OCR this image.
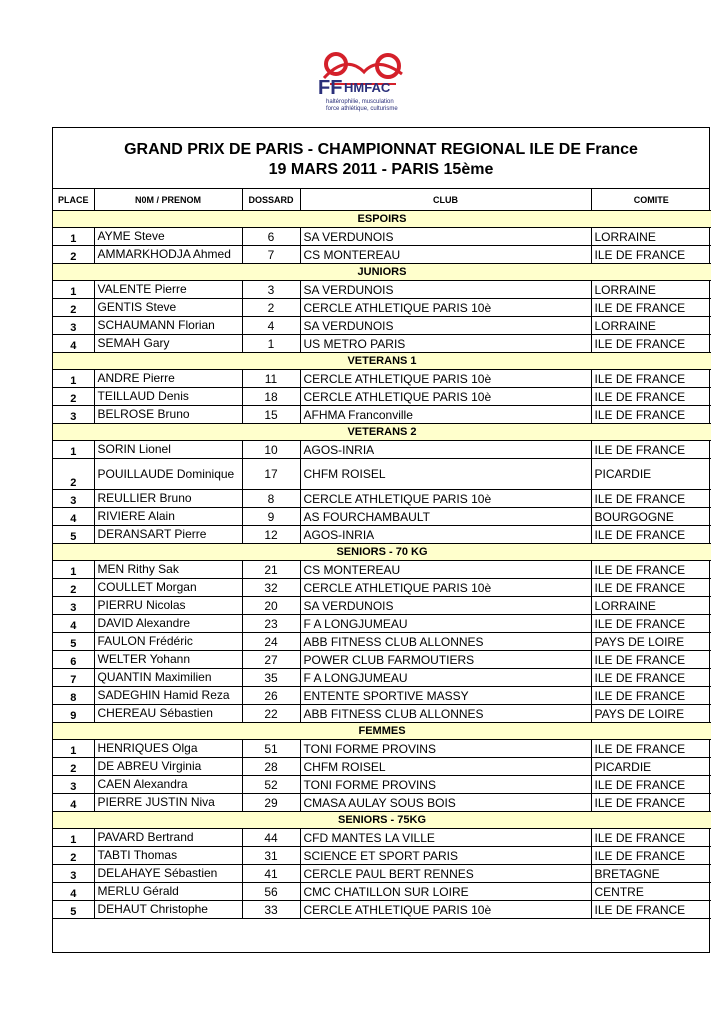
FF HMFAC
haltérophilie, musculation
force athlétique, culturisme
GRAND PRIX DE PARIS - CHAMPIONNAT REGIONAL ILE DE France
19 MARS 2011 - PARIS 15ème
PLACE	N0M / PRENOM	DOSSARD	CLUB	COMITE
ESPOIRS				
1	AYME Steve	6	SA VERDUNOIS	LORRAINE
2	AMMARKHODJA Ahmed	7	CS MONTEREAU	ILE DE FRANCE
JUNIORS				
1	VALENTE Pierre	3	SA VERDUNOIS	LORRAINE
2	GENTIS Steve	2	CERCLE ATHLETIQUE PARIS 10è	ILE DE FRANCE
3	SCHAUMANN Florian	4	SA VERDUNOIS	LORRAINE
4	SEMAH Gary	1	US METRO PARIS	ILE DE FRANCE
VETERANS 1				
1	ANDRE Pierre	11	CERCLE ATHLETIQUE PARIS 10è	ILE DE FRANCE
2	TEILLAUD Denis	18	CERCLE ATHLETIQUE PARIS 10è	ILE DE FRANCE
3	BELROSE Bruno	15	AFHMA Franconville	ILE DE FRANCE
VETERANS 2				
1	SORIN Lionel	10	AGOS-INRIA	ILE DE FRANCE
2	POUILLAUDE Dominique	17	CHFM ROISEL	PICARDIE
3	REULLIER Bruno	8	CERCLE ATHLETIQUE PARIS 10è	ILE DE FRANCE
4	RIVIERE Alain	9	AS FOURCHAMBAULT	BOURGOGNE
5	DERANSART Pierre	12	AGOS-INRIA	ILE DE FRANCE
SENIORS - 70 KG				
1	MEN Rithy Sak	21	CS MONTEREAU	ILE DE FRANCE
2	COULLET Morgan	32	CERCLE ATHLETIQUE PARIS 10è	ILE DE FRANCE
3	PIERRU Nicolas	20	SA VERDUNOIS	LORRAINE
4	DAVID Alexandre	23	F A LONGJUMEAU	ILE DE FRANCE
5	FAULON Frédéric	24	ABB FITNESS CLUB ALLONNES	PAYS DE LOIRE
6	WELTER Yohann	27	POWER CLUB FARMOUTIERS	ILE DE FRANCE
7	QUANTIN Maximilien	35	F A LONGJUMEAU	ILE DE FRANCE
8	SADEGHIN Hamid Reza	26	ENTENTE SPORTIVE MASSY	ILE DE FRANCE
9	CHEREAU Sébastien	22	ABB FITNESS CLUB ALLONNES	PAYS DE LOIRE
FEMMES				
1	HENRIQUES Olga	51	TONI FORME PROVINS	ILE DE FRANCE
2	DE ABREU Virginia	28	CHFM ROISEL	PICARDIE
3	CAEN Alexandra	52	TONI FORME PROVINS	ILE DE FRANCE
4	PIERRE JUSTIN Niva	29	CMASA AULAY SOUS BOIS	ILE DE FRANCE
SENIORS - 75KG				
1	PAVARD Bertrand	44	CFD MANTES LA VILLE	ILE DE FRANCE
2	TABTI Thomas	31	SCIENCE ET SPORT PARIS	ILE DE FRANCE
3	DELAHAYE Sébastien	41	CERCLE PAUL BERT RENNES	BRETAGNE
4	MERLU Gérald	56	CMC CHATILLON SUR LOIRE	CENTRE
5	DEHAUT Christophe	33	CERCLE ATHLETIQUE PARIS 10è	ILE DE FRANCE
